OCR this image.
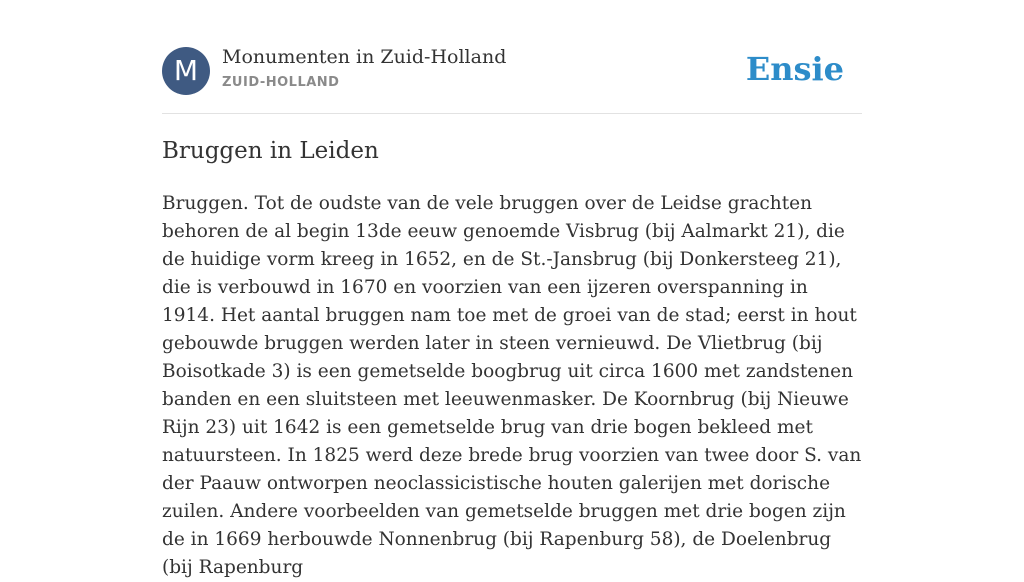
M	Monumenten in Zuid-Holland
ZUID-HOLLAND	Ensie
Bruggen in Leiden

Bruggen. Tot de oudste van de vele bruggen over de Leidse grachten behoren de al begin 13de eeuw genoemde Visbrug (bij Aalmarkt 21), die de huidige vorm kreeg in 1652, en de St.-Jansbrug (bij Donkersteeg 21), die is verbouwd in 1670 en voorzien van een ijzeren overspanning in 1914. Het aantal bruggen nam toe met de groei van de stad; eerst in hout gebouwde bruggen werden later in steen vernieuwd. De Vlietbrug (bij Boisotkade 3) is een gemetselde boogbrug uit circa 1600 met zandstenen banden en een sluitsteen met leeuwenmasker. De Koornbrug (bij Nieuwe Rijn 23) uit 1642 is een gemetselde brug van drie bogen bekleed met natuursteen. In 1825 werd deze brede brug voorzien van twee door S. van der Paauw ontworpen neoclassicistische houten galerijen met dorische zuilen. Andere voorbeelden van gemetselde bruggen met drie bogen zijn de in 1669 herbouwde Nonnenbrug (bij Rapenburg 58), de Doelenbrug (bij Rapenburg
